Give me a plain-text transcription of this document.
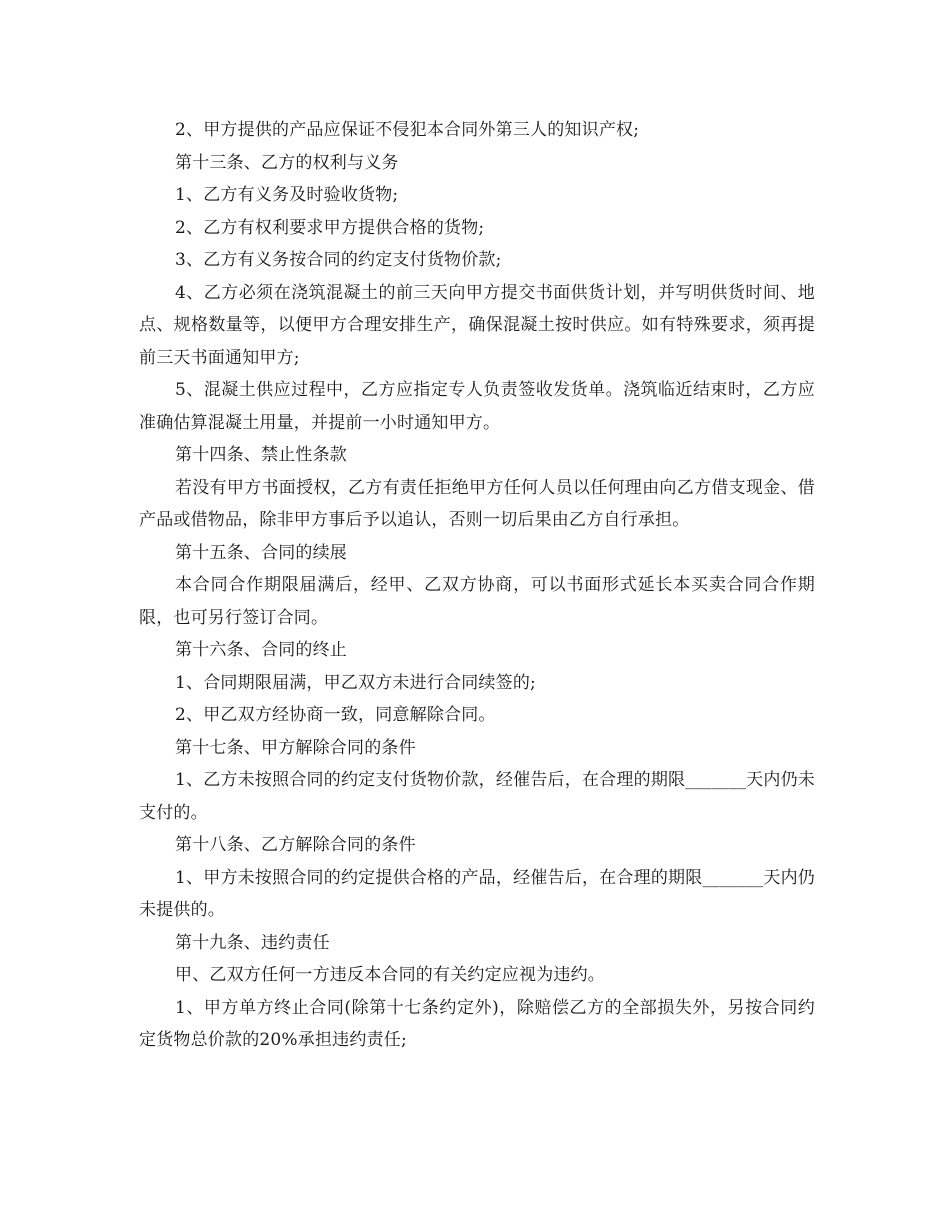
2、甲方提供的产品应保证不侵犯本合同外第三人的知识产权;

第十三条、乙方的权利与义务

1、乙方有义务及时验收货物;

2、乙方有权利要求甲方提供合格的货物;

3、乙方有义务按合同的约定支付货物价款;

4、乙方必须在浇筑混凝土的前三天向甲方提交书面供货计划，并写明供货时间、地点、规格数量等，以便甲方合理安排生产，确保混凝土按时供应。如有特殊要求，须再提前三天书面通知甲方;

5、混凝土供应过程中，乙方应指定专人负责签收发货单。浇筑临近结束时，乙方应准确估算混凝土用量，并提前一小时通知甲方。

第十四条、禁止性条款

若没有甲方书面授权，乙方有责任拒绝甲方任何人员以任何理由向乙方借支现金、借产品或借物品，除非甲方事后予以追认，否则一切后果由乙方自行承担。

第十五条、合同的续展

本合同合作期限届满后，经甲、乙双方协商，可以书面形式延长本买卖合同合作期限，也可另行签订合同。

第十六条、合同的终止

1、合同期限届满，甲乙双方未进行合同续签的;

2、甲乙双方经协商一致，同意解除合同。

第十七条、甲方解除合同的条件

1、乙方未按照合同的约定支付货物价款，经催告后，在合理的期限_______天内仍未支付的。

第十八条、乙方解除合同的条件

1、甲方未按照合同的约定提供合格的产品，经催告后，在合理的期限_______天内仍未提供的。

第十九条、违约责任

甲、乙双方任何一方违反本合同的有关约定应视为违约。

1、甲方单方终止合同(除第十七条约定外)，除赔偿乙方的全部损失外，另按合同约定货物总价款的20%承担违约责任;
